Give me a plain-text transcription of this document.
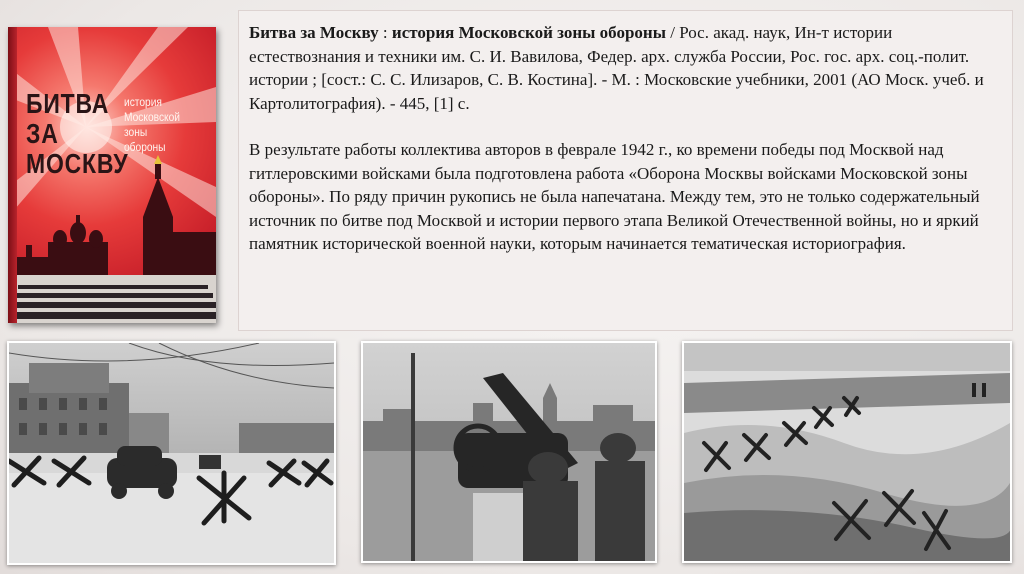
БИТВА
ЗА МОСКВУ
история
Московской
зоны
обороны

Битва за Москву : история Московской зоны обороны / Рос. акад. наук, Ин-т истории естествознания и техники им. С. И. Вавилова, Федер. арх. служба России, Рос. гос. арх. соц.-полит. истории ; [сост.: С. С. Илизаров, С. В. Костина]. - М. : Московские учебники, 2001 (АО Моск. учеб. и Картолитография). - 445, [1] с.

В результате работы коллектива авторов в феврале 1942 г., ко времени победы под Москвой над гитлеровскими войсками была подготовлена работа «Оборона Москвы войсками Московской зоны обороны». По ряду причин рукопись не была напечатана. Между тем, это не только содержательный источник по битве под Москвой и истории первого этапа Великой Отечественной войны, но и яркий памятник исторической военной науки, которым начинается тематическая историография.
